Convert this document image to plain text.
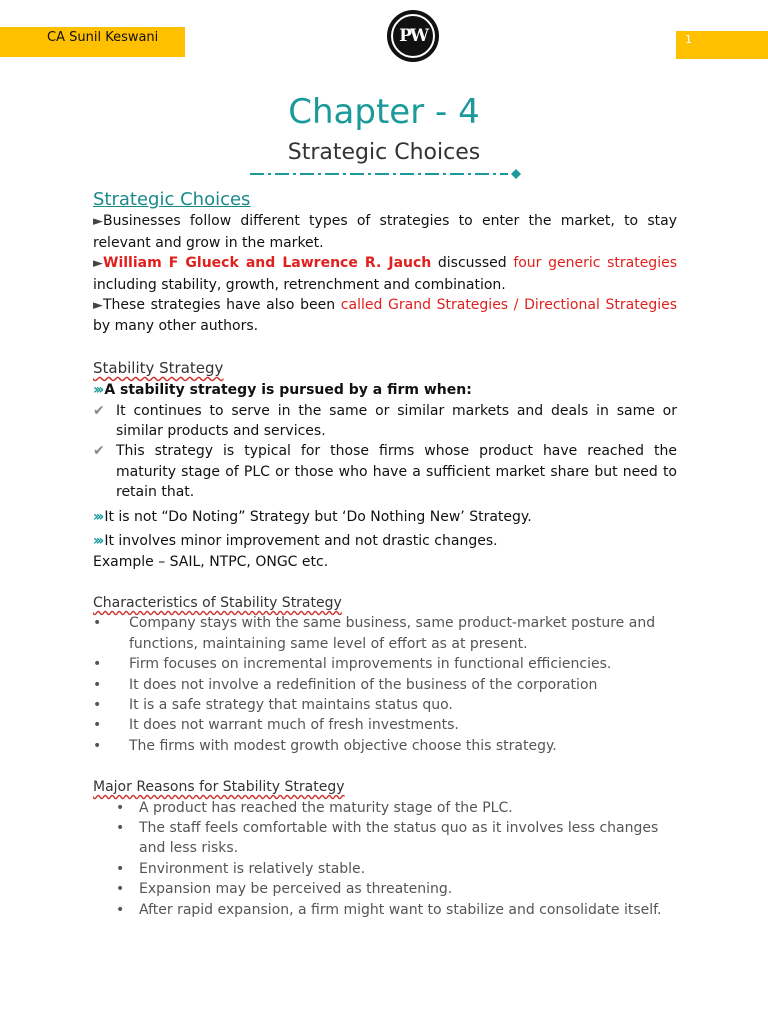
CA Sunil Keswani	PW	1
Chapter - 4
Strategic Choices

Strategic Choices

►Businesses follow different types of strategies to enter the market, to stay relevant and grow in the market.

►William F Glueck and Lawrence R. Jauch discussed four generic strategies including stability, growth, retrenchment and combination.

►These strategies have also been called Grand Strategies / Directional Strategies by many other authors.

Stability Strategy

››› A stability strategy is pursued by a firm when:

✔ It continues to serve in the same or similar markets and deals in same or similar products and services.
✔ This strategy is typical for those firms whose product have reached the maturity stage of PLC or those who have a sufficient market share but need to retain that.

››› It is not “Do Noting” Strategy but ‘Do Nothing New’ Strategy.

››› It involves minor improvement and not drastic changes.

Example – SAIL, NTPC, ONGC etc.

Characteristics of Stability Strategy

• Company stays with the same business, same product-market posture and functions, maintaining same level of effort as at present.
• Firm focuses on incremental improvements in functional efficiencies.
• It does not involve a redefinition of the business of the corporation
• It is a safe strategy that maintains status quo.
• It does not warrant much of fresh investments.
• The firms with modest growth objective choose this strategy.

Major Reasons for Stability Strategy

• A product has reached the maturity stage of the PLC.
• The staff feels comfortable with the status quo as it involves less changes and less risks.
• Environment is relatively stable.
• Expansion may be perceived as threatening.
• After rapid expansion, a firm might want to stabilize and consolidate itself.
